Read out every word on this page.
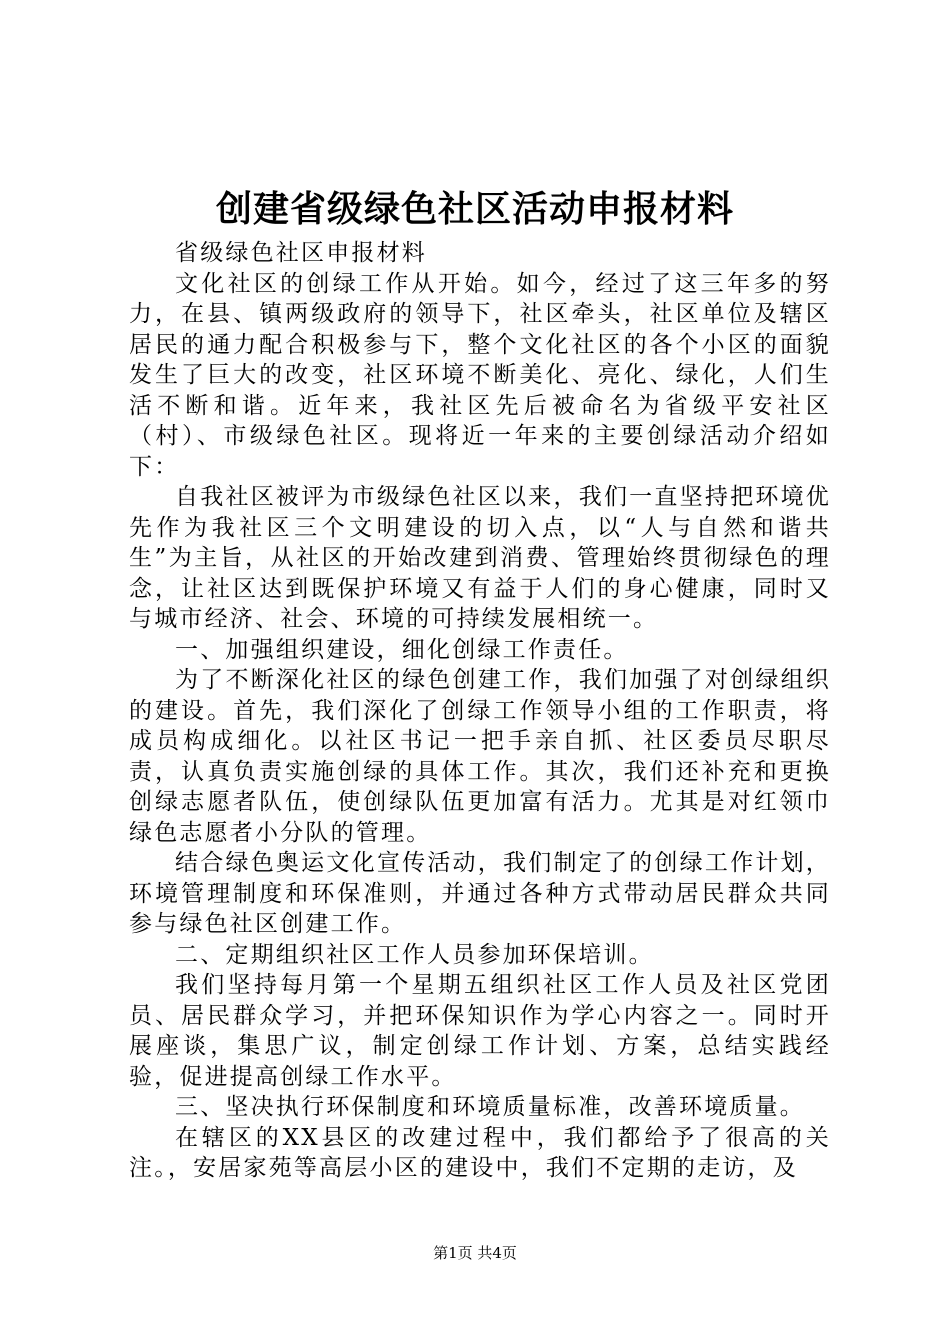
创建省级绿色社区活动申报材料

省级绿色社区申报材料

文化社区的创绿工作从开始。如今，经过了这三年多的努力，在县、镇两级政府的领导下，社区牵头，社区单位及辖区居民的通力配合积极参与下，整个文化社区的各个小区的面貌发生了巨大的改变，社区环境不断美化、亮化、绿化，人们生活不断和谐。近年来，我社区先后被命名为省级平安社区（村）、市级绿色社区。现将近一年来的主要创绿活动介绍如下：

自我社区被评为市级绿色社区以来，我们一直坚持把环境优先作为我社区三个文明建设的切入点，以“人与自然和谐共生”为主旨，从社区的开始改建到消费、管理始终贯彻绿色的理念，让社区达到既保护环境又有益于人们的身心健康，同时又与城市经济、社会、环境的可持续发展相统一。

一、加强组织建设，细化创绿工作责任。

为了不断深化社区的绿色创建工作，我们加强了对创绿组织的建设。首先，我们深化了创绿工作领导小组的工作职责，将成员构成细化。以社区书记一把手亲自抓、社区委员尽职尽责，认真负责实施创绿的具体工作。其次，我们还补充和更换创绿志愿者队伍，使创绿队伍更加富有活力。尤其是对红领巾绿色志愿者小分队的管理。

结合绿色奥运文化宣传活动，我们制定了的创绿工作计划，环境管理制度和环保准则，并通过各种方式带动居民群众共同参与绿色社区创建工作。

二、定期组织社区工作人员参加环保培训。

我们坚持每月第一个星期五组织社区工作人员及社区党团员、居民群众学习，并把环保知识作为学心内容之一。同时开展座谈，集思广议，制定创绿工作计划、方案，总结实践经验，促进提高创绿工作水平。

三、坚决执行环保制度和环境质量标准，改善环境质量。

在辖区的XX县区的改建过程中，我们都给予了很高的关注。，安居家苑等高层小区的建设中，我们不定期的走访，及

第1页 共4页
